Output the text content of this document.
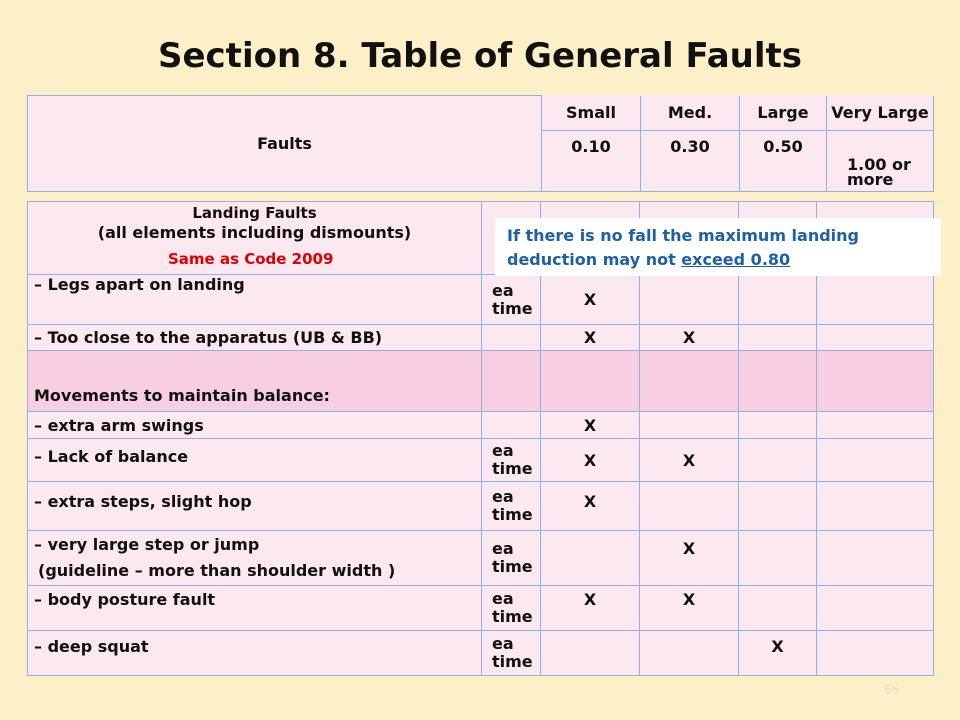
Section 8. Table of General Faults
Faults	Small	Med.	Large	Very Large
	0.10	0.30	0.50	1.00 or more
Landing Faults
(all elements including dismounts)
Same as Code 2009					

– Legs apart on landing	ea time	X			
– Too close to the apparatus (UB & BB)		X	X		
Movements to maintain balance:					
– extra arm swings		X			
– Lack of balance	ea time	X	X		
– extra steps, slight hop	ea time	X			

– very large step or jump
(guideline – more than shoulder width )	ea time		X		
– body posture fault	ea time	X	X		
– deep squat	ea time			X	
If there is no fall the maximum landing deduction may not exceed 0.80
66
